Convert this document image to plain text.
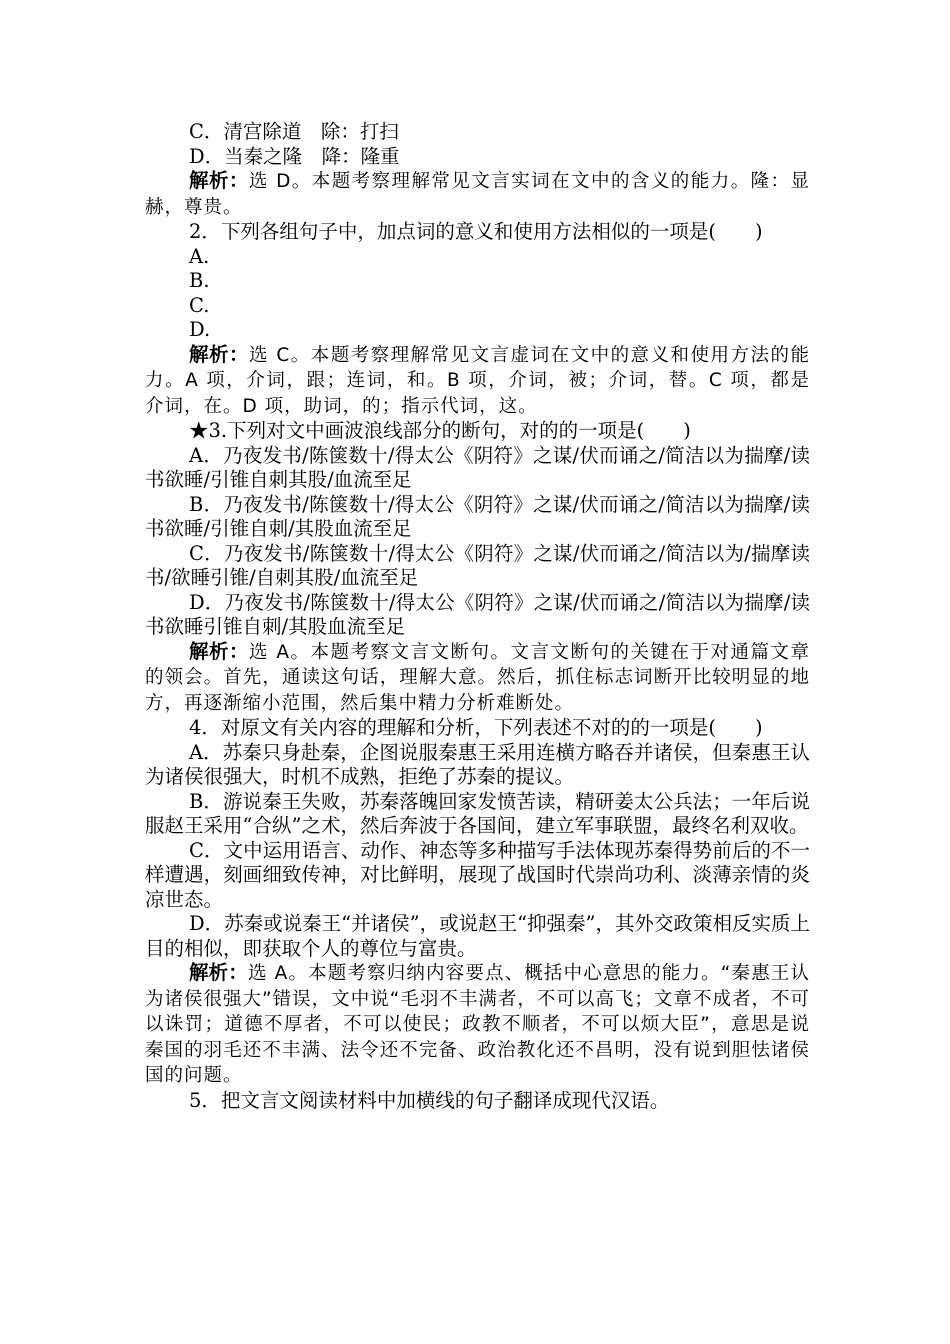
C．清宫除道　除：打扫

D．当秦之隆　降：隆重

解析：选 D。本题考察理解常见文言实词在文中的含义的能力。隆：显赫，尊贵。

2．下列各组句子中，加点词的意义和使用方法相似的一项是(　　)

A.

B.

C.

D.

解析：选 C。本题考察理解常见文言虚词在文中的意义和使用方法的能力。A 项，介词，跟；连词，和。B 项，介词，被；介词，替。C 项，都是介词，在。D 项，助词，的；指示代词，这。

★3.下列对文中画波浪线部分的断句，对的的一项是(　　)

A．乃夜发书/陈箧数十/得太公《阴符》之谋/伏而诵之/简洁以为揣摩/读书欲睡/引锥自刺其股/血流至足

B．乃夜发书/陈箧数十/得太公《阴符》之谋/伏而诵之/简洁以为揣摩/读书欲睡/引锥自刺/其股血流至足

C．乃夜发书/陈箧数十/得太公《阴符》之谋/伏而诵之/简洁以为/揣摩读书/欲睡引锥/自刺其股/血流至足

D．乃夜发书/陈箧数十/得太公《阴符》之谋/伏而诵之/简洁以为揣摩/读书欲睡引锥自刺/其股血流至足

解析：选 A。本题考察文言文断句。文言文断句的关键在于对通篇文章的领会。首先，通读这句话，理解大意。然后，抓住标志词断开比较明显的地方，再逐渐缩小范围，然后集中精力分析难断处。

4．对原文有关内容的理解和分析，下列表述不对的的一项是(　　)

A．苏秦只身赴秦，企图说服秦惠王采用连横方略吞并诸侯，但秦惠王认为诸侯很强大，时机不成熟，拒绝了苏秦的提议。

B．游说秦王失败，苏秦落魄回家发愤苦读，精研姜太公兵法；一年后说服赵王采用“合纵”之术，然后奔波于各国间，建立军事联盟，最终名利双收。

C．文中运用语言、动作、神态等多种描写手法体现苏秦得势前后的不一样遭遇，刻画细致传神，对比鲜明，展现了战国时代崇尚功利、淡薄亲情的炎凉世态。

D．苏秦或说秦王“并诸侯”，或说赵王“抑强秦”，其外交政策相反实质上目的相似，即获取个人的尊位与富贵。

解析：选 A。本题考察归纳内容要点、概括中心意思的能力。“秦惠王认为诸侯很强大”错误，文中说“毛羽不丰满者，不可以高飞；文章不成者，不可以诛罚；道德不厚者，不可以使民；政教不顺者，不可以烦大臣”，意思是说秦国的羽毛还不丰满、法令还不完备、政治教化还不昌明，没有说到胆怯诸侯国的问题。

5．把文言文阅读材料中加横线的句子翻译成现代汉语。
